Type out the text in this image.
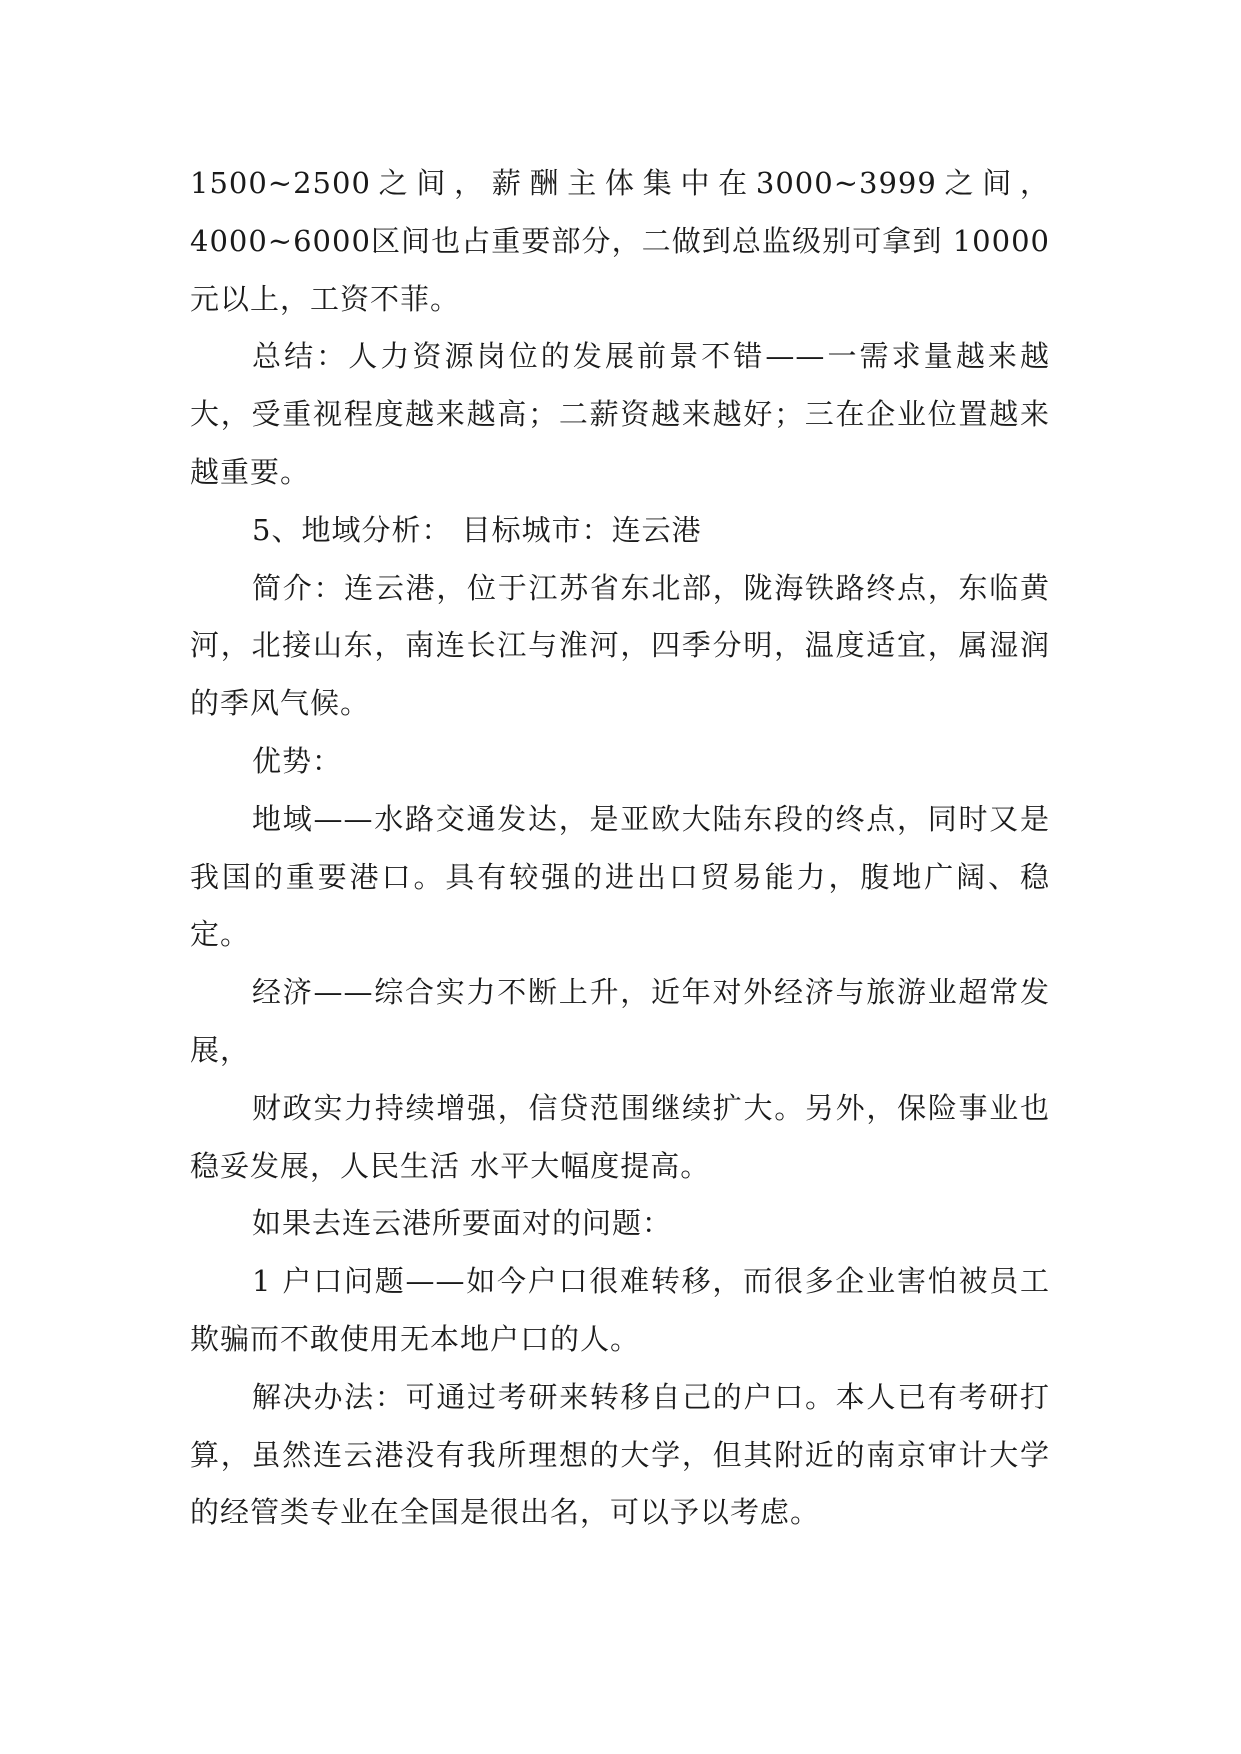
1500~2500之间，薪酬主体集中在3000~3999之间，4000~6000区间也占重要部分，二做到总监级别可拿到 10000 元以上，工资不菲。

总结：人力资源岗位的发展前景不错——一需求量越来越大，受重视程度越来越高；二薪资越来越好；三在企业位置越来越重要。

5、地域分析： 目标城市：连云港

简介：连云港，位于江苏省东北部，陇海铁路终点，东临黄河，北接山东，南连长江与淮河，四季分明，温度适宜，属湿润的季风气候。

优势：

地域——水路交通发达，是亚欧大陆东段的终点，同时又是我国的重要港口。具有较强的进出口贸易能力，腹地广阔、稳定。

经济——综合实力不断上升，近年对外经济与旅游业超常发展，

财政实力持续增强，信贷范围继续扩大。另外，保险事业也稳妥发展，人民生活 水平大幅度提高。

如果去连云港所要面对的问题：

1 户口问题——如今户口很难转移，而很多企业害怕被员工欺骗而不敢使用无本地户口的人。

解决办法：可通过考研来转移自己的户口。本人已有考研打算，虽然连云港没有我所理想的大学，但其附近的南京审计大学的经管类专业在全国是很出名，可以予以考虑。
